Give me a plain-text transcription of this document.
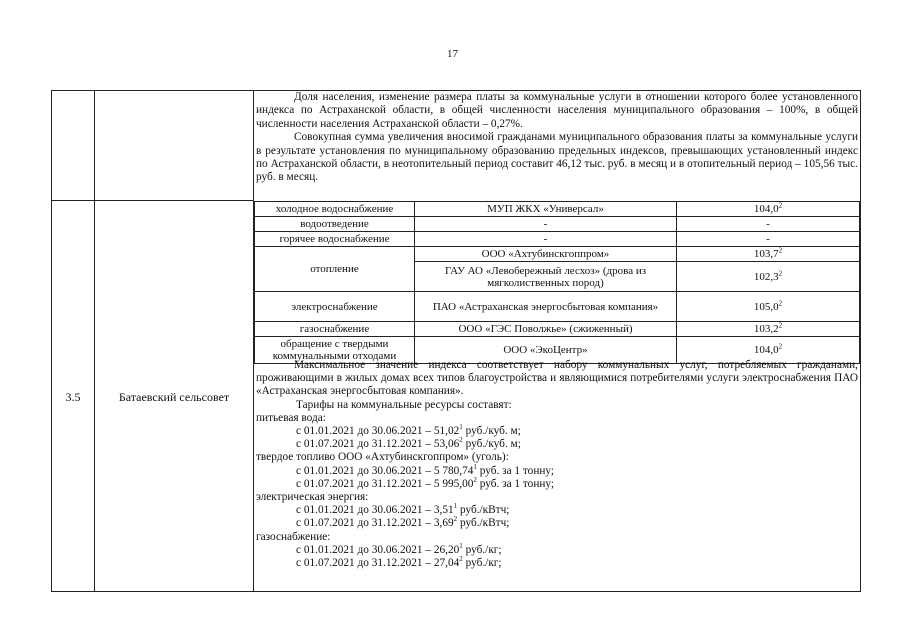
17

Доля населения, изменение размера платы за коммунальные услуги в отношении которого более установленного индекса по Астраханской области, в общей численности населения муниципального образования – 100%, в общей численности населения Астраханской области – 0,27%.

Совокупная сумма увеличения вносимой гражданами муниципального образования платы за коммунальные услуги в результате установления по муниципальному образованию предельных индексов, превышающих установленный индекс по Астраханской области, в неотопительный период составит 46,12 тыс. руб. в месяц и в отопительный период – 105,56 тыс. руб. в месяц.

3.5	Батаевский сельсовет
холодное водоснабжение	МУП ЖКХ «Универсал»	104,0$^2$
водоотведение	-	-
горячее водоснабжение	-	-
отопление	ООО «Ахтубинскгоппром»	103,7$^2$
	ГАУ АО «Левобережный лесхоз» (дрова из мягколиственных пород)	102,3$^2$
электроснабжение	ПАО «Астраханская энергосбытовая компания»	105,0$^2$
газоснабжение	ООО «ГЭС Поволжье» (сжиженный)	103,2$^2$
обращение с твердыми коммунальными отходами	ООО «ЭкоЦентр»	104,0$^2$

Максимальное значение индекса соответствует набору коммунальных услуг, потребляемых гражданами, проживающими в жилых домах всех типов благоустройства и являющимися потребителями услуги электроснабжения ПАО «Астраханская энергосбытовая компания».

Тарифы на коммунальные ресурсы составят:

питьевая вода:

с 01.01.2021 до 30.06.2021 – 51,02$^1$ руб./куб. м;

с 01.07.2021 до 31.12.2021 – 53,06$^2$ руб./куб. м;

твердое топливо ООО «Ахтубинскгоппром» (уголь):

с 01.01.2021 до 30.06.2021 – 5 780,74$^1$ руб. за 1 тонну;

с 01.07.2021 до 31.12.2021 – 5 995,00$^2$ руб. за 1 тонну;

электрическая энергия:

с 01.01.2021 до 30.06.2021 – 3,51$^1$ руб./кВтч;

с 01.07.2021 до 31.12.2021 – 3,69$^2$ руб./кВтч;

газоснабжение:

с 01.01.2021 до 30.06.2021 – 26,20$^1$ руб./кг;

с 01.07.2021 до 31.12.2021 – 27,04$^2$ руб./кг;
